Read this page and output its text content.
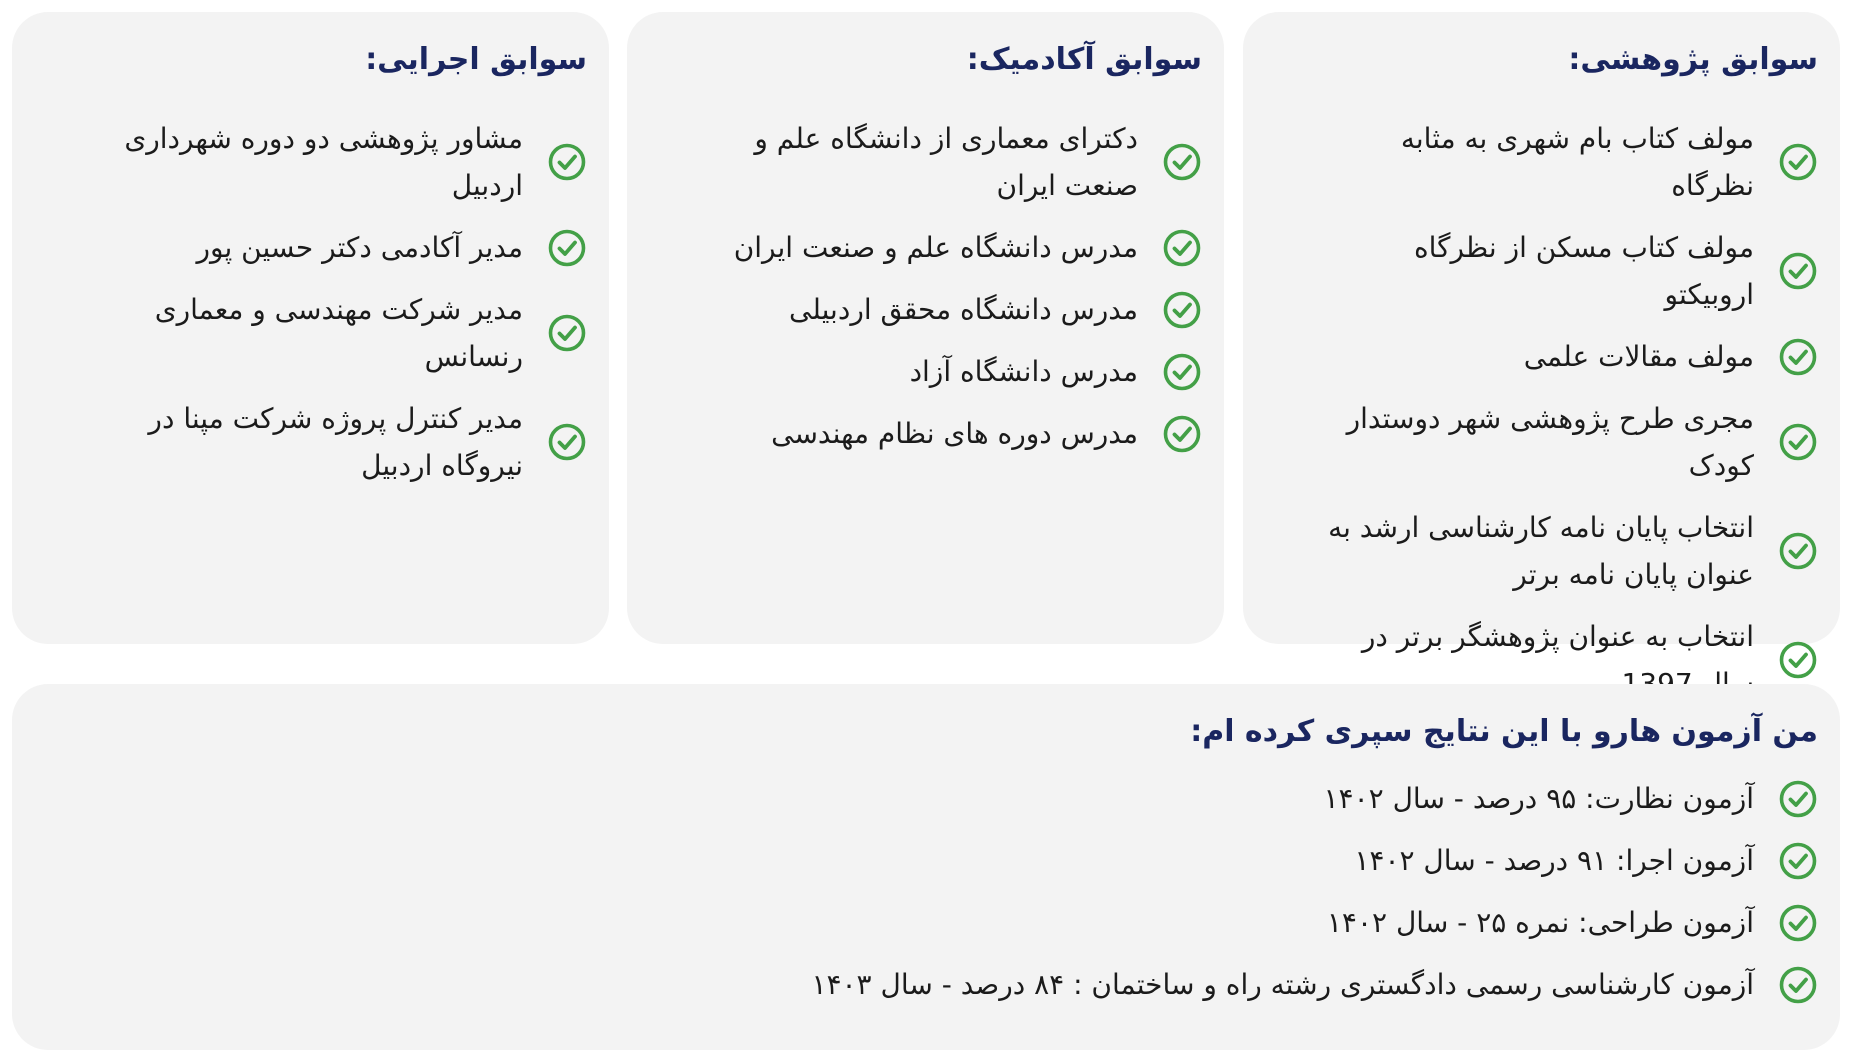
سوابق پژوهشی:
مولف کتاب بام شهری به مثابه نظرگاه
مولف کتاب مسکن از نظرگاه اروبیکتو
مولف مقالات علمی
مجری طرح پژوهشی شهر دوستدار کودک
انتخاب پایان نامه کارشناسی ارشد به عنوان پایان نامه برتر
انتخاب به عنوان پژوهشگر برتر در
سوابق آکادمیک:
دکترای معماری از دانشگاه علم و صنعت ایران
مدرس دانشگاه علم و صنعت ایران
مدرس دانشگاه محقق اردبیلی
مدرس دانشگاه آزاد
مدرس دوره های نظام مهندسی
سوابق اجرایی:
مشاور پژوهشی دو دوره شهرداری اردبیل
مدیر آکادمی دکتر حسین پور
مدیر شرکت مهندسی و معماری رنسانس
مدیر کنترل پروژه شرکت مپنا در نیروگاه اردبیل
من آزمون هارو با این نتایج سپری کرده ام:
آزمون نظارت: ۹۵ درصد - سال ۱۴۰۲
آزمون اجرا: ۹۱ درصد - سال ۱۴۰۲
آزمون طراحی: نمره ۲۵ - سال ۱۴۰۲
آزمون کارشناسی رسمی دادگستری رشته راه و ساختمان : ۸۴ درصد - سال ۱۴۰۳
